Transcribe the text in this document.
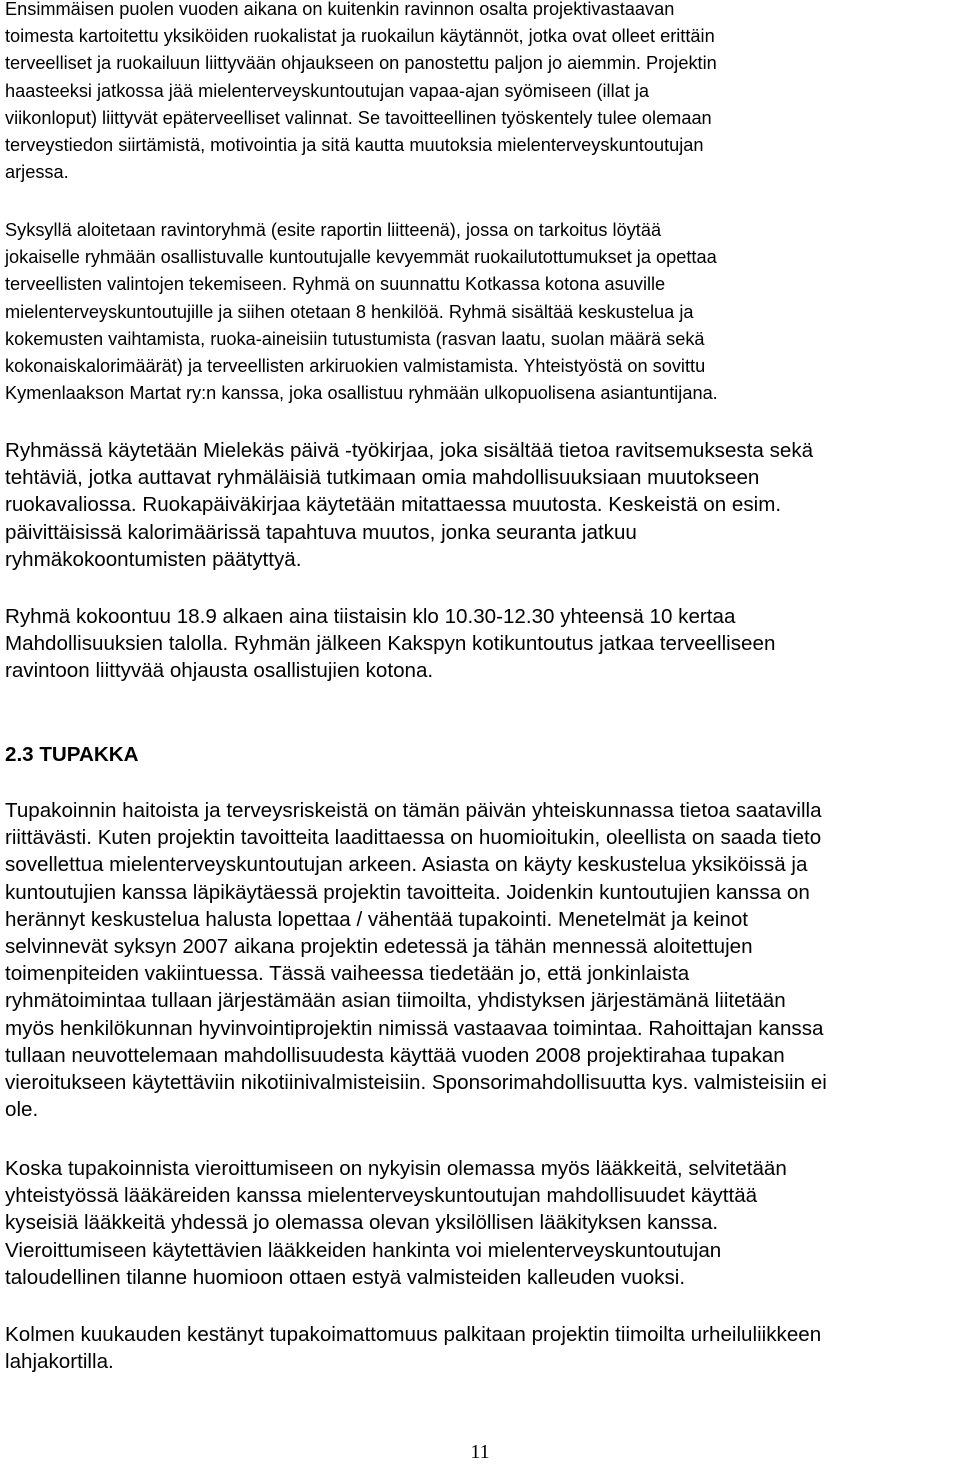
Ensimmäisen puolen vuoden aikana on kuitenkin ravinnon osalta projektivastaavan
toimesta kartoitettu yksiköiden ruokalistat ja ruokailun käytännöt, jotka ovat olleet erittäin
terveelliset ja ruokailuun liittyvään ohjaukseen on panostettu paljon jo aiemmin. Projektin
haasteeksi jatkossa jää mielenterveyskuntoutujan vapaa-ajan syömiseen (illat ja
viikonloput) liittyvät epäterveelliset valinnat. Se tavoitteellinen työskentely tulee olemaan
terveystiedon siirtämistä, motivointia ja sitä kautta muutoksia mielenterveyskuntoutujan
arjessa.

Syksyllä aloitetaan ravintoryhmä (esite raportin liitteenä), jossa on tarkoitus löytää
jokaiselle ryhmään osallistuvalle kuntoutujalle kevyemmät ruokailutottumukset ja opettaa
terveellisten valintojen tekemiseen. Ryhmä on suunnattu Kotkassa kotona asuville
mielenterveyskuntoutujille ja siihen otetaan 8 henkilöä. Ryhmä sisältää keskustelua ja
kokemusten vaihtamista, ruoka-aineisiin tutustumista (rasvan laatu, suolan määrä sekä
kokonaiskalorimäärät) ja terveellisten arkiruokien valmistamista. Yhteistyöstä on sovittu
Kymenlaakson Martat ry:n kanssa, joka osallistuu ryhmään ulkopuolisena asiantuntijana.

Ryhmässä käytetään Mielekäs päivä -työkirjaa, joka sisältää tietoa ravitsemuksesta sekä
tehtäviä, jotka auttavat ryhmäläisiä tutkimaan omia mahdollisuuksiaan muutokseen
ruokavaliossa. Ruokapäiväkirjaa käytetään mitattaessa muutosta. Keskeistä on esim.
päivittäisissä kalorimäärissä tapahtuva muutos, jonka seuranta jatkuu
ryhmäkokoontumisten päätyttyä.

Ryhmä kokoontuu 18.9 alkaen aina tiistaisin klo 10.30-12.30 yhteensä 10 kertaa
Mahdollisuuksien talolla. Ryhmän jälkeen Kakspyn kotikuntoutus jatkaa terveelliseen
ravintoon liittyvää ohjausta osallistujien kotona.

2.3 TUPAKKA

Tupakoinnin haitoista ja terveysriskeistä on tämän päivän yhteiskunnassa tietoa saatavilla
riittävästi. Kuten projektin tavoitteita laadittaessa on huomioitukin, oleellista on saada tieto
sovellettua mielenterveyskuntoutujan arkeen. Asiasta on käyty keskustelua yksiköissä ja
kuntoutujien kanssa läpikäytäessä projektin tavoitteita. Joidenkin kuntoutujien kanssa on
herännyt keskustelua halusta lopettaa / vähentää tupakointi. Menetelmät ja keinot
selvinnevät syksyn 2007 aikana projektin edetessä ja tähän mennessä aloitettujen
toimenpiteiden vakiintuessa. Tässä vaiheessa tiedetään jo, että jonkinlaista
ryhmätoimintaa tullaan järjestämään asian tiimoilta, yhdistyksen järjestämänä liitetään
myös henkilökunnan hyvinvointiprojektin nimissä vastaavaa toimintaa. Rahoittajan kanssa
tullaan neuvottelemaan mahdollisuudesta käyttää vuoden 2008 projektirahaa tupakan
vieroitukseen käytettäviin nikotiinivalmisteisiin. Sponsorimahdollisuutta kys. valmisteisiin ei
ole.

Koska tupakoinnista vieroittumiseen on nykyisin olemassa myös lääkkeitä, selvitetään
yhteistyössä lääkäreiden kanssa mielenterveyskuntoutujan mahdollisuudet käyttää
kyseisiä lääkkeitä yhdessä jo olemassa olevan yksilöllisen lääkityksen kanssa.
Vieroittumiseen käytettävien lääkkeiden hankinta voi mielenterveyskuntoutujan
taloudellinen tilanne huomioon ottaen estyä valmisteiden kalleuden vuoksi.

Kolmen kuukauden kestänyt tupakoimattomuus palkitaan projektin tiimoilta urheiluliikkeen
lahjakortilla.

11
